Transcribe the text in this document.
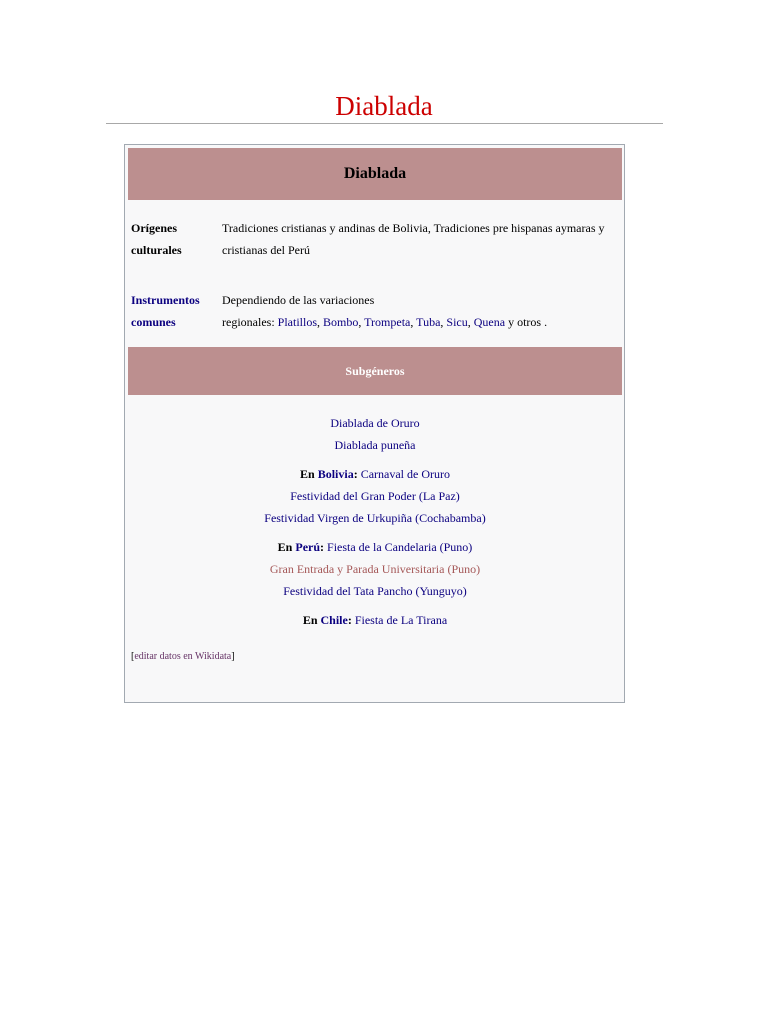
Diablada
Diablada
Orígenes culturales
Tradiciones cristianas y andinas de Bolivia, Tradiciones pre hispanas aymaras y
cristianas del Perú
Instrumentos comunes
Dependiendo de las variaciones
regionales: Platillos, Bombo, Trompeta, Tuba, Sicu, Quena y otros .
Subgéneros
Diablada de Oruro
Diablada puneña
En Bolivia: Carnaval de Oruro
Festividad del Gran Poder (La Paz)
Festividad Virgen de Urkupiña (Cochabamba)
En Perú: Fiesta de la Candelaria (Puno)
Gran Entrada y Parada Universitaria (Puno)
Festividad del Tata Pancho (Yunguyo)
En Chile: Fiesta de La Tirana
[editar datos en Wikidata]
